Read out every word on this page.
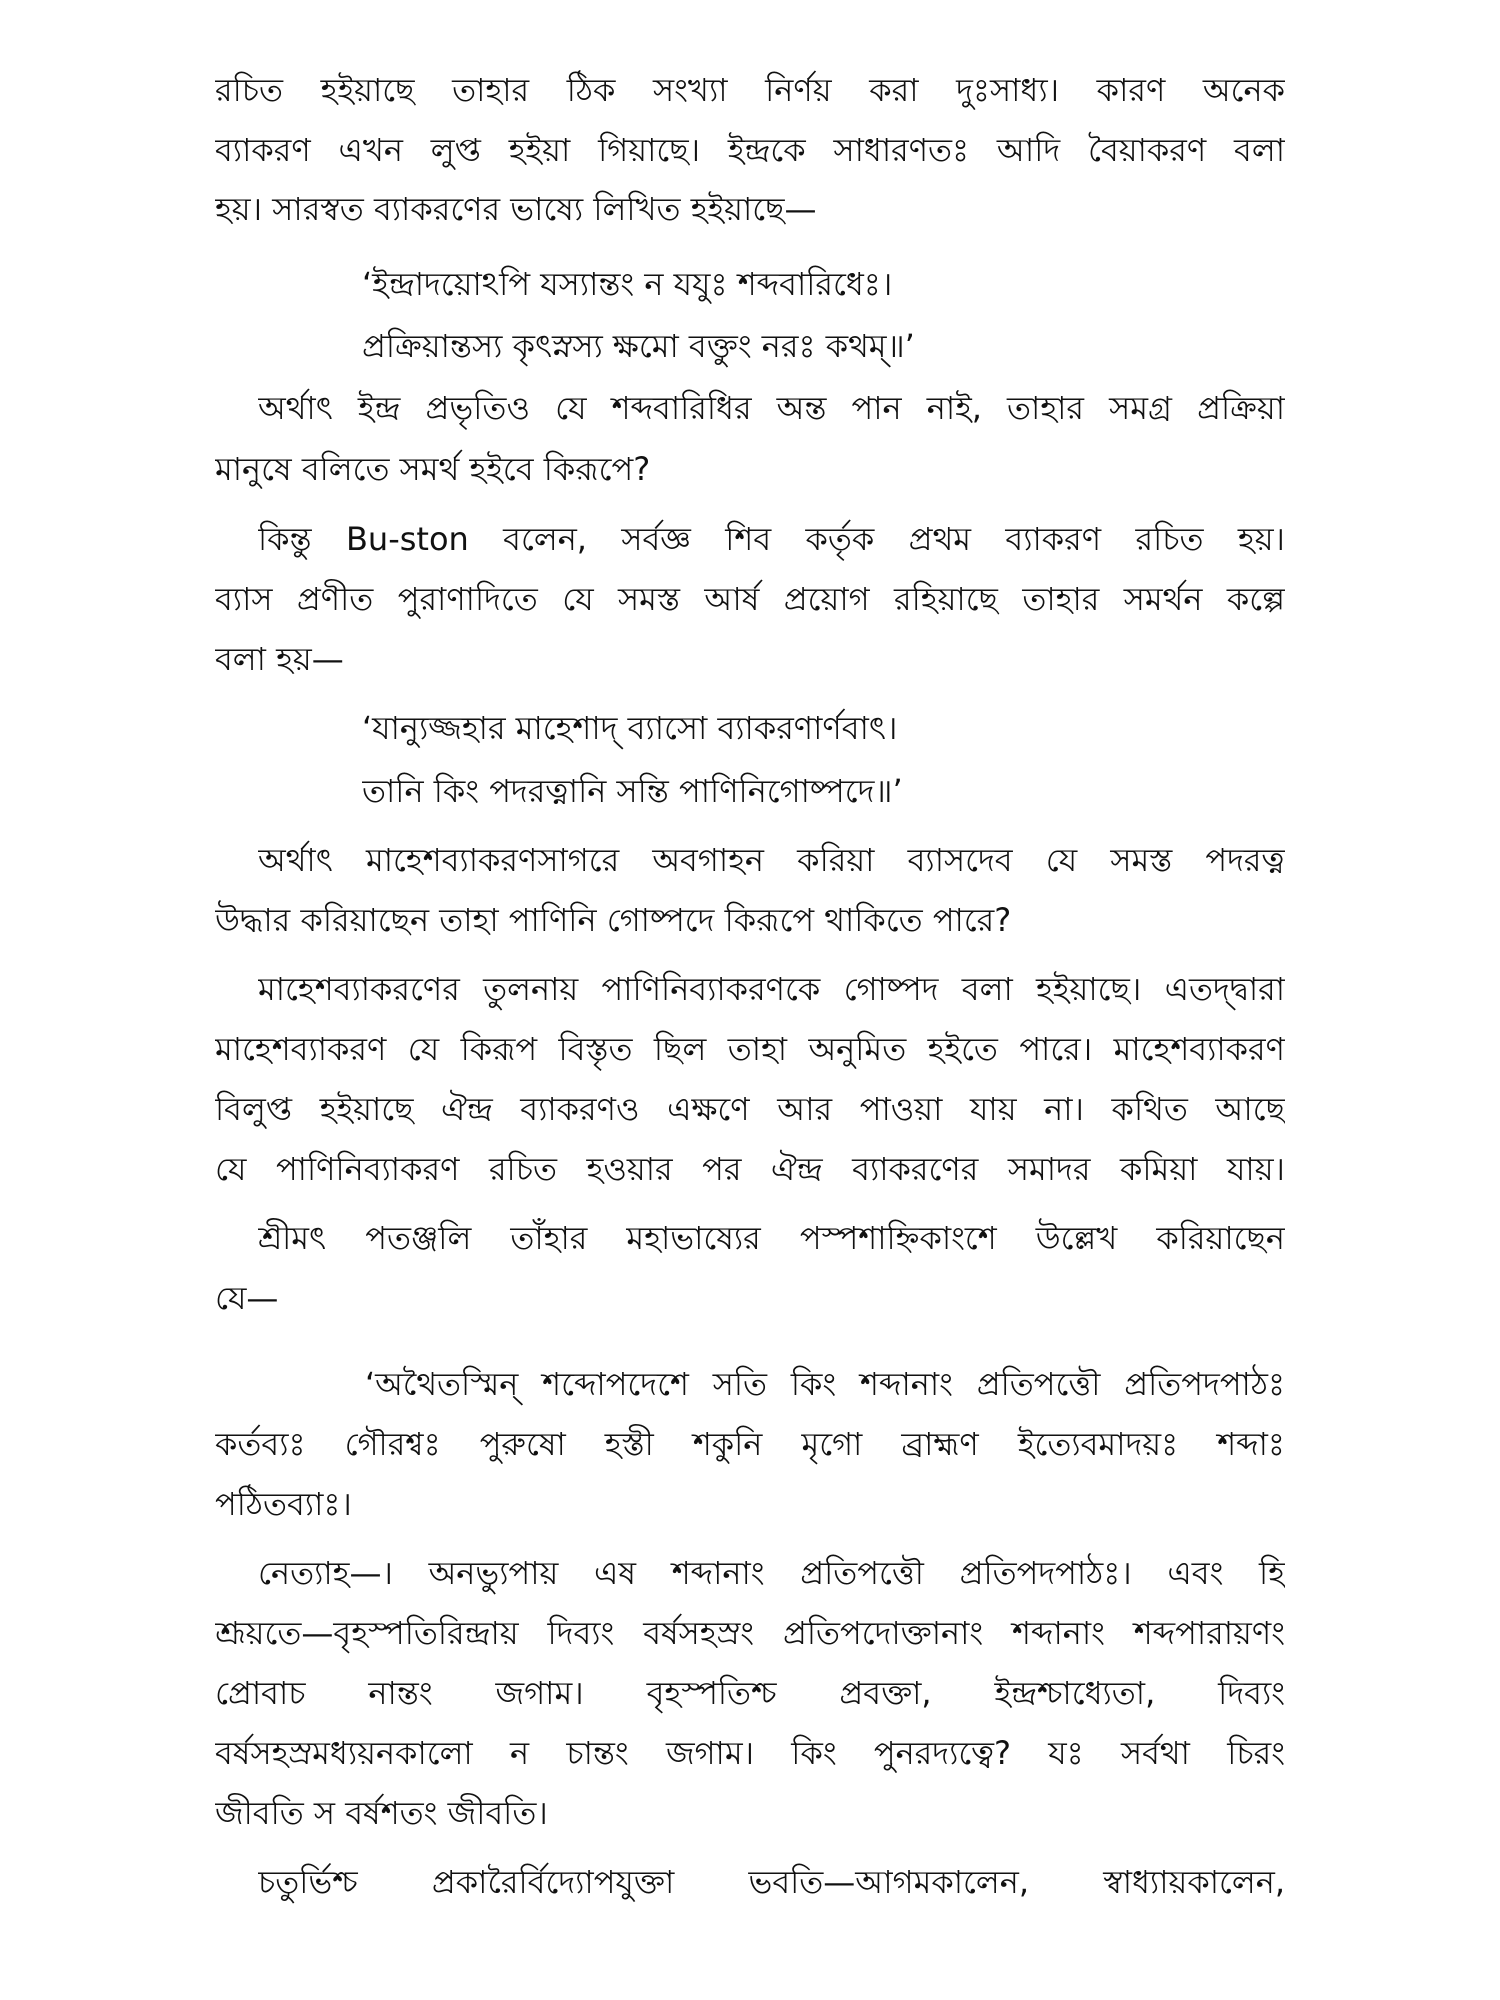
রচিত হইয়াছে তাহার ঠিক সংখ্যা নির্ণয় করা দুঃসাধ্য। কারণ অনেক
ব্যাকরণ এখন লুপ্ত হইয়া গিয়াছে। ইন্দ্রকে সাধারণতঃ আদি বৈয়াকরণ বলা
হয়। সারস্বত ব্যাকরণের ভাষ্যে লিখিত হইয়াছে—
‘ইন্দ্রাদয়োঽপি যস্যান্তং ন যযুঃ শব্দবারিধেঃ।
প্রক্রিয়ান্তস্য কৃৎস্নস্য ক্ষমো বক্তুং নরঃ কথম্॥’
অর্থাৎ ইন্দ্র প্রভৃতিও যে শব্দবারিধির অন্ত পান নাই, তাহার সমগ্র প্রক্রিয়া
মানুষে বলিতে সমর্থ হইবে কিরূপে?
কিন্তু Bu-ston বলেন, সর্বজ্ঞ শিব কর্তৃক প্রথম ব্যাকরণ রচিত হয়।
ব্যাস প্রণীত পুরাণাদিতে যে সমস্ত আর্ষ প্রয়োগ রহিয়াছে তাহার সমর্থন কল্পে
বলা হয়—
‘যান্যুজ্জহার মাহেশাদ্ ব্যাসো ব্যাকরণার্ণবাৎ।
তানি কিং পদরত্নানি সন্তি পাণিনিগোষ্পদে॥’
অর্থাৎ মাহেশব্যাকরণসাগরে অবগাহন করিয়া ব্যাসদেব যে সমস্ত পদরত্ন
উদ্ধার করিয়াছেন তাহা পাণিনি গোষ্পদে কিরূপে থাকিতে পারে?
মাহেশব্যাকরণের তুলনায় পাণিনিব্যাকরণকে গোষ্পদ বলা হইয়াছে। এতদ্দ্বারা
মাহেশব্যাকরণ যে কিরূপ বিস্তৃত ছিল তাহা অনুমিত হইতে পারে। মাহেশব্যাকরণ
বিলুপ্ত হইয়াছে ঐন্দ্র ব্যাকরণও এক্ষণে আর পাওয়া যায় না। কথিত আছে
যে পাণিনিব্যাকরণ রচিত হওয়ার পর ঐন্দ্র ব্যাকরণের সমাদর কমিয়া যায়।
শ্রীমৎ পতঞ্জলি তাঁহার মহাভাষ্যের পস্পশাহ্নিকাংশে উল্লেখ করিয়াছেন
যে—
‘অথৈতস্মিন্ শব্দোপদেশে সতি কিং শব্দানাং প্রতিপত্তৌ প্রতিপদপাঠঃ
কর্তব্যঃ গৌরশ্বঃ পুরুষো হস্তী শকুনি মৃগো ব্রাহ্মণ ইত্যেবমাদয়ঃ শব্দাঃ
পঠিতব্যাঃ।
নেত্যাহ—। অনভ্যুপায় এষ শব্দানাং প্রতিপত্তৌ প্রতিপদপাঠঃ। এবং হি
শ্রূয়তে—বৃহস্পতিরিন্দ্রায় দিব্যং বর্ষসহস্রং প্রতিপদোক্তানাং শব্দানাং শব্দপারায়ণং
প্রোবাচ নান্তং জগাম। বৃহস্পতিশ্চ প্রবক্তা, ইন্দ্রশ্চাধ্যেতা, দিব্যং
বর্ষসহস্রমধ্যয়নকালো ন চান্তং জগাম। কিং পুনরদ্যত্বে? যঃ সর্বথা চিরং
জীবতি স বর্ষশতং জীবতি।
চতুর্ভিশ্চ প্রকারৈর্বিদ্যোপযুক্তা ভবতি—আগমকালেন, স্বাধ্যায়কালেন,
